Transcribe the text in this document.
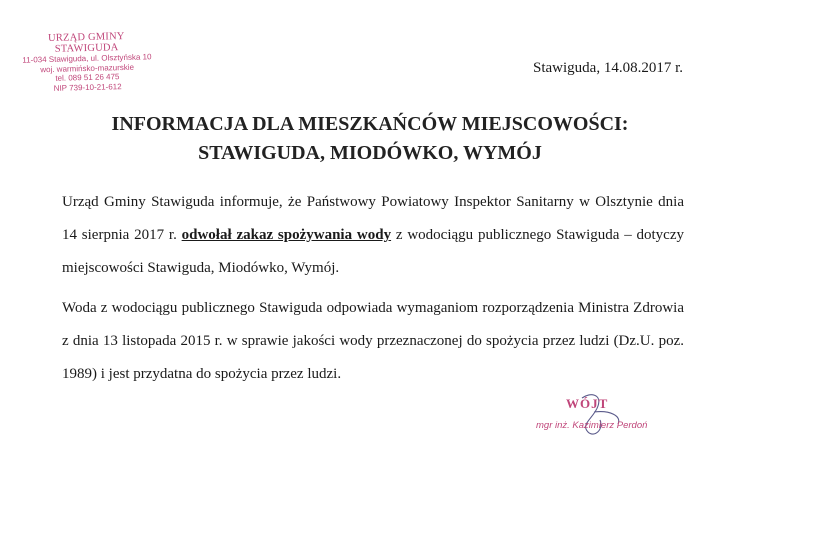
URZĄD GMINY STAWIGUDA
11-034 Stawiguda, ul. Olsztyńska 10
woj. warmińsko-mazurskie
tel. 089 51 26 475
NIP 739-10-21-612
Stawiguda, 14.08.2017 r.
INFORMACJA DLA MIESZKAŃCÓW MIEJSCOWOŚCI:
STAWIGUDA, MIODÓWKO, WYMÓJ

Urząd Gminy Stawiguda informuje, że Państwowy Powiatowy Inspektor Sanitarny w Olsztynie dnia 14 sierpnia 2017 r. odwołał zakaz spożywania wody z wodociągu publicznego Stawiguda – dotyczy miejscowości Stawiguda, Miodówko, Wymój.

Woda z wodociągu publicznego Stawiguda odpowiada wymaganiom rozporządzenia Ministra Zdrowia z dnia 13 listopada 2015 r. w sprawie jakości wody przeznaczonej do spożycia przez ludzi (Dz.U. poz. 1989) i jest przydatna do spożycia przez ludzi.

WÓJT
mgr inż. Kazimierz Perdoń
